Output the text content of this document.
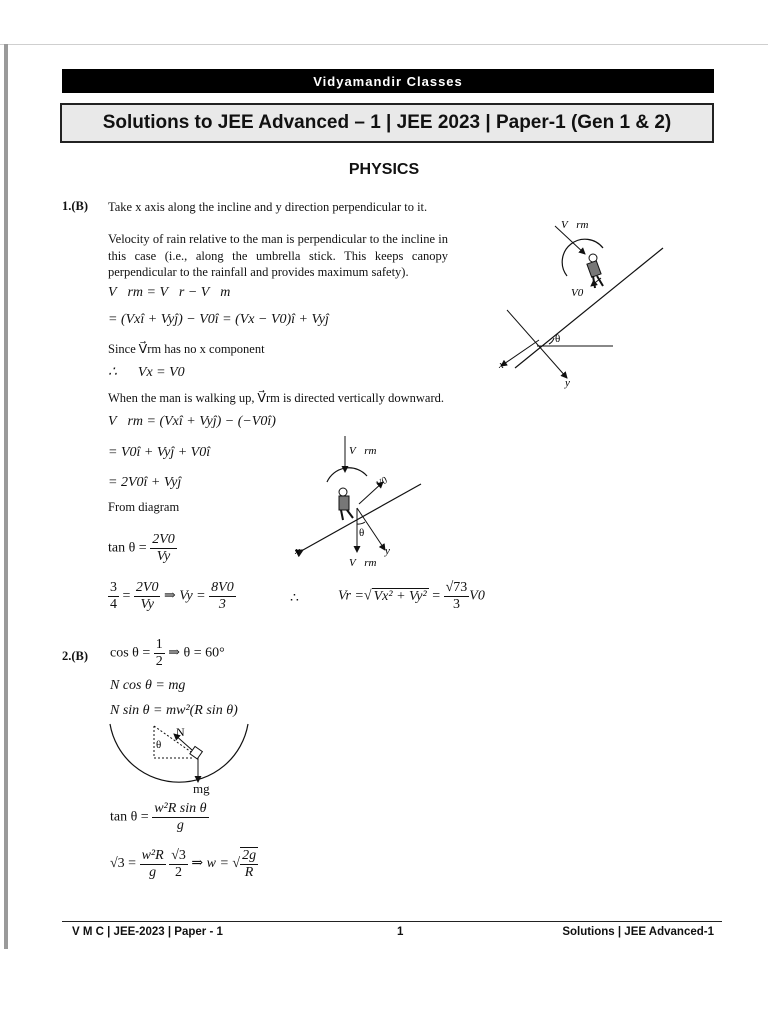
Vidyamandir Classes
Solutions to JEE Advanced – 1 | JEE 2023 | Paper-1 (Gen 1 & 2)
PHYSICS
1.(B) Take x axis along the incline and y direction perpendicular to it.
Velocity of rain relative to the man is perpendicular to the incline in this case (i.e., along the umbrella stick. This keeps canopy perpendicular to the rainfall and provides maximum safety).
V⃗rm = V⃗r − V⃗m
= (Vxî + Vyĵ) − V0î = (Vx − V0)î + Vyĵ
Since V⃗rm has no x component
∴      Vx = V0
When the man is walking up, V⃗rm is directed vertically downward.
V⃗rm = (Vxî + Vyĵ) − (−V0î)
= V0î + Vyĵ + V0î
= 2V0î + Vyĵ
From diagram
$\tan \theta = \frac{2V0}{Vy}$
$\frac{3}{4} = \frac{2V0}{Vy}$ ⇒ $Vy = \frac{8V0}{3}$	∴	Vr =√ $Vx^2 + Vy^2 = \frac{√73}{3} V0$
V⃗rm
V0
θ
x
y
V⃗rm
V0
θ
x	y
V⃗rm
2.(B) $\cos \theta = \frac{1}{2}$ ⇒ θ = 60°
N cos θ = mg
N sin θ = mw²(R sin θ)
N
θ
mg
$\tan \theta = \frac{\text{w²R sin θ}}{g}$
$√3 = \frac{\text{w²R}}{g}$
$\frac{√3}{2}$ ⇒ w = √ $\frac{2g}{R}$
V M C | JEE-2023 | Paper - 1	1	Solutions | JEE Advanced-1
